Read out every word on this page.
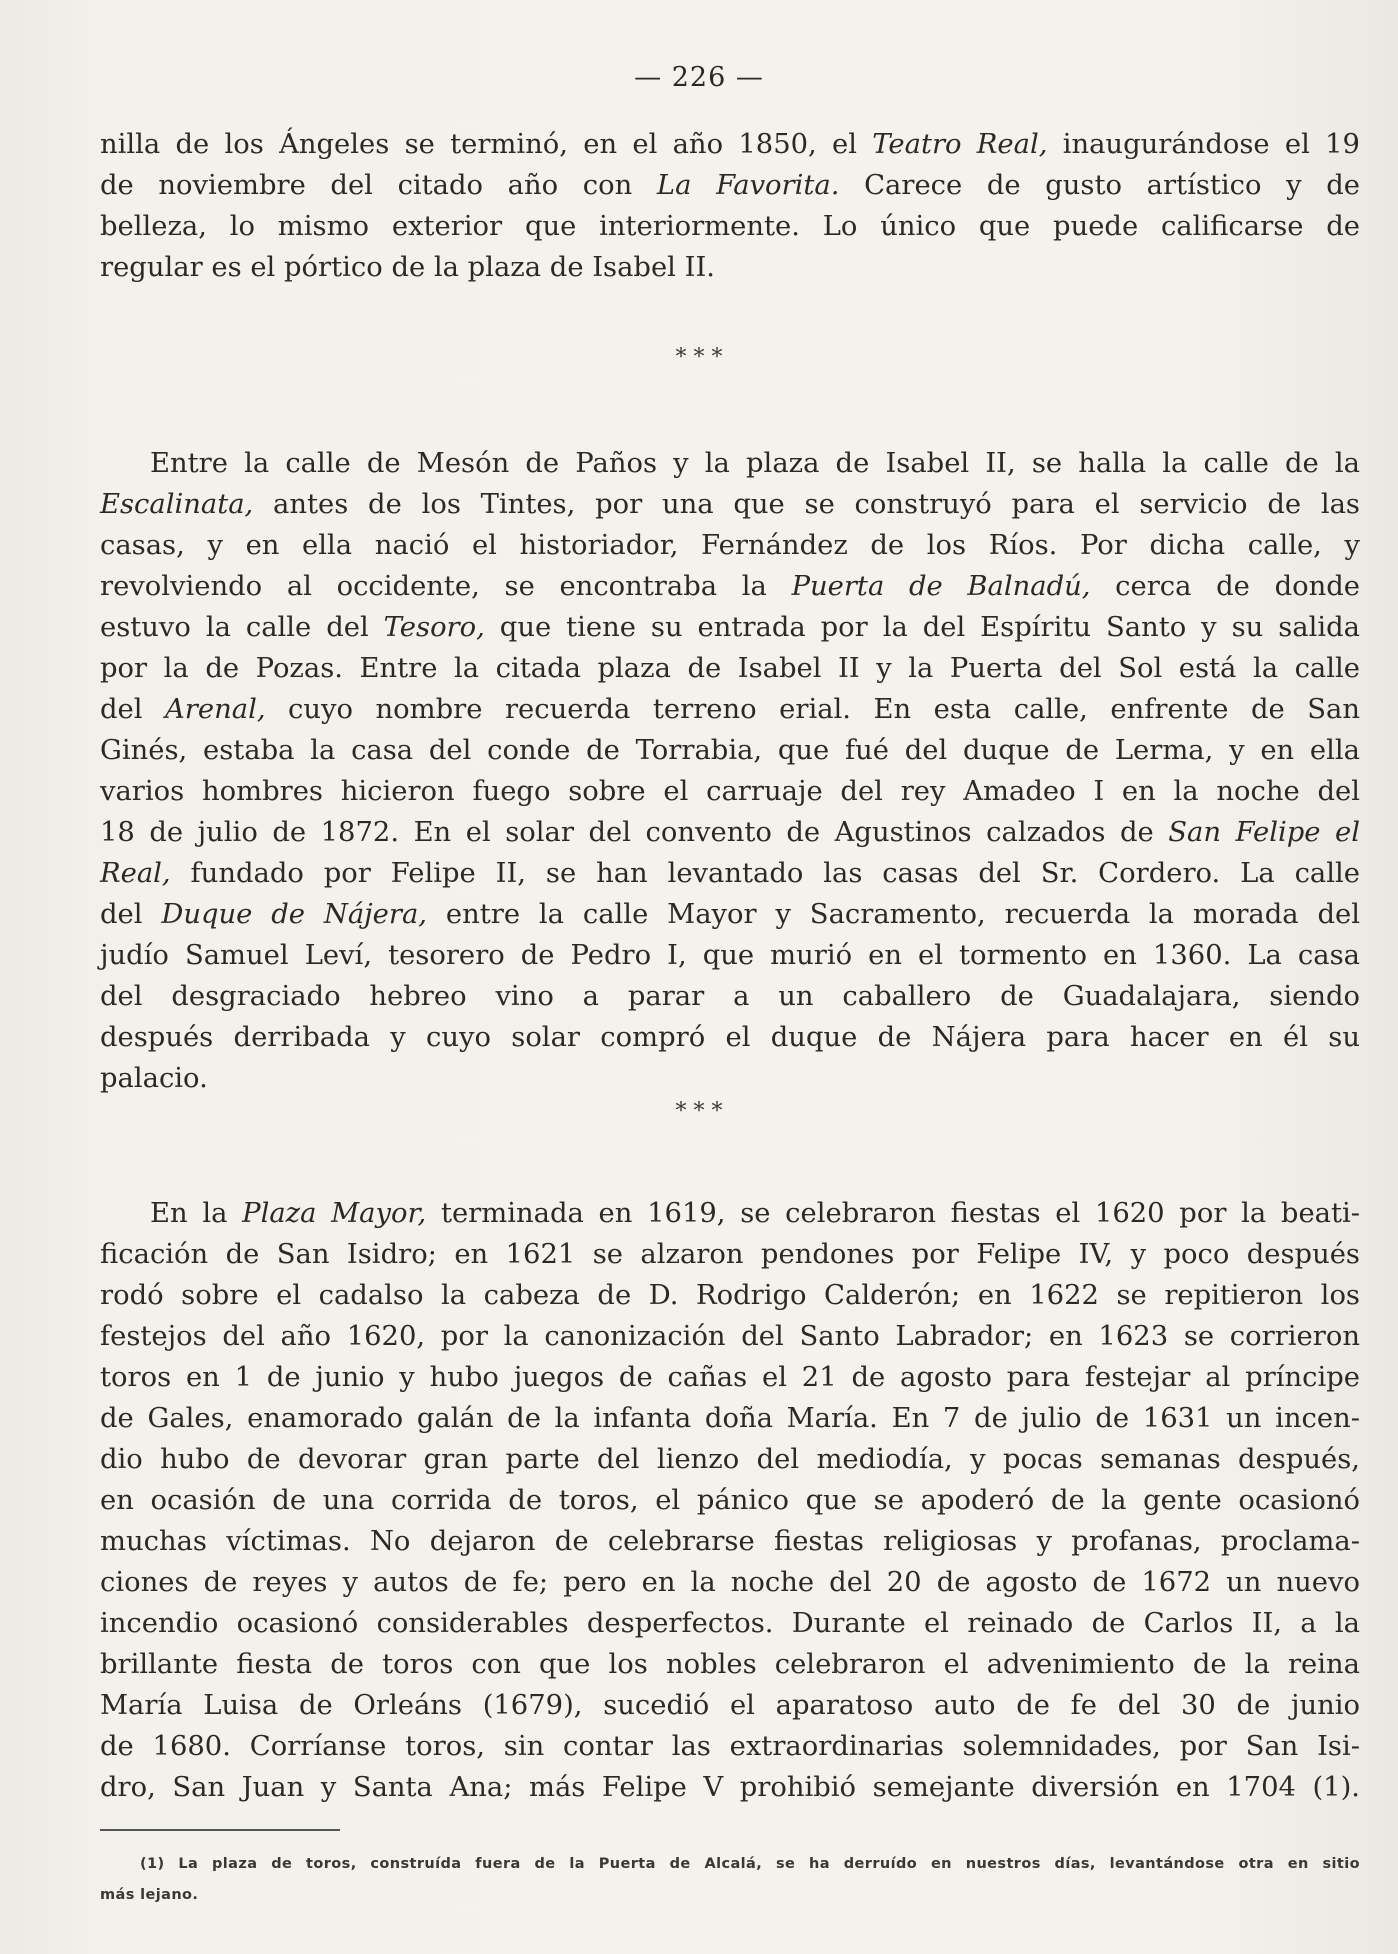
— 226 —
nilla de los Ángeles se terminó, en el año 1850, el Teatro Real, inaugurándose el 19
de noviembre del citado año con La Favorita. Carece de gusto artístico y de
belleza, lo mismo exterior que interiormente. Lo único que puede calificarse de
regular es el pórtico de la plaza de Isabel II.
* * *
Entre la calle de Mesón de Paños y la plaza de Isabel II, se halla la calle de la
Escalinata, antes de los Tintes, por una que se construyó para el servicio de las
casas, y en ella nació el historiador, Fernández de los Ríos. Por dicha calle, y
revolviendo al occidente, se encontraba la Puerta de Balnadú, cerca de donde
estuvo la calle del Tesoro, que tiene su entrada por la del Espíritu Santo y su salida
por la de Pozas. Entre la citada plaza de Isabel II y la Puerta del Sol está la calle
del Arenal, cuyo nombre recuerda terreno erial. En esta calle, enfrente de San
Ginés, estaba la casa del conde de Torrabia, que fué del duque de Lerma, y en ella
varios hombres hicieron fuego sobre el carruaje del rey Amadeo I en la noche del
18 de julio de 1872. En el solar del convento de Agustinos calzados de San Felipe el
Real, fundado por Felipe II, se han levantado las casas del Sr. Cordero. La calle
del Duque de Nájera, entre la calle Mayor y Sacramento, recuerda la morada del
judío Samuel Leví, tesorero de Pedro I, que murió en el tormento en 1360. La casa
del desgraciado hebreo vino a parar a un caballero de Guadalajara, siendo
después derribada y cuyo solar compró el duque de Nájera para hacer en él su
palacio.
* * *
En la Plaza Mayor, terminada en 1619, se celebraron fiestas el 1620 por la beati-
ficación de San Isidro; en 1621 se alzaron pendones por Felipe IV, y poco después
rodó sobre el cadalso la cabeza de D. Rodrigo Calderón; en 1622 se repitieron los
festejos del año 1620, por la canonización del Santo Labrador; en 1623 se corrieron
toros en 1 de junio y hubo juegos de cañas el 21 de agosto para festejar al príncipe
de Gales, enamorado galán de la infanta doña María. En 7 de julio de 1631 un incen-
dio hubo de devorar gran parte del lienzo del mediodía, y pocas semanas después,
en ocasión de una corrida de toros, el pánico que se apoderó de la gente ocasionó
muchas víctimas. No dejaron de celebrarse fiestas religiosas y profanas, proclama-
ciones de reyes y autos de fe; pero en la noche del 20 de agosto de 1672 un nuevo
incendio ocasionó considerables desperfectos. Durante el reinado de Carlos II, a la
brillante fiesta de toros con que los nobles celebraron el advenimiento de la reina
María Luisa de Orleáns (1679), sucedió el aparatoso auto de fe del 30 de junio
de 1680. Corríanse toros, sin contar las extraordinarias solemnidades, por San Isi-
dro, San Juan y Santa Ana; más Felipe V prohibió semejante diversión en 1704 (1).
(1) La plaza de toros, construída fuera de la Puerta de Alcalá, se ha derruído en nuestros días, levantándose otra en sitio
más lejano.
